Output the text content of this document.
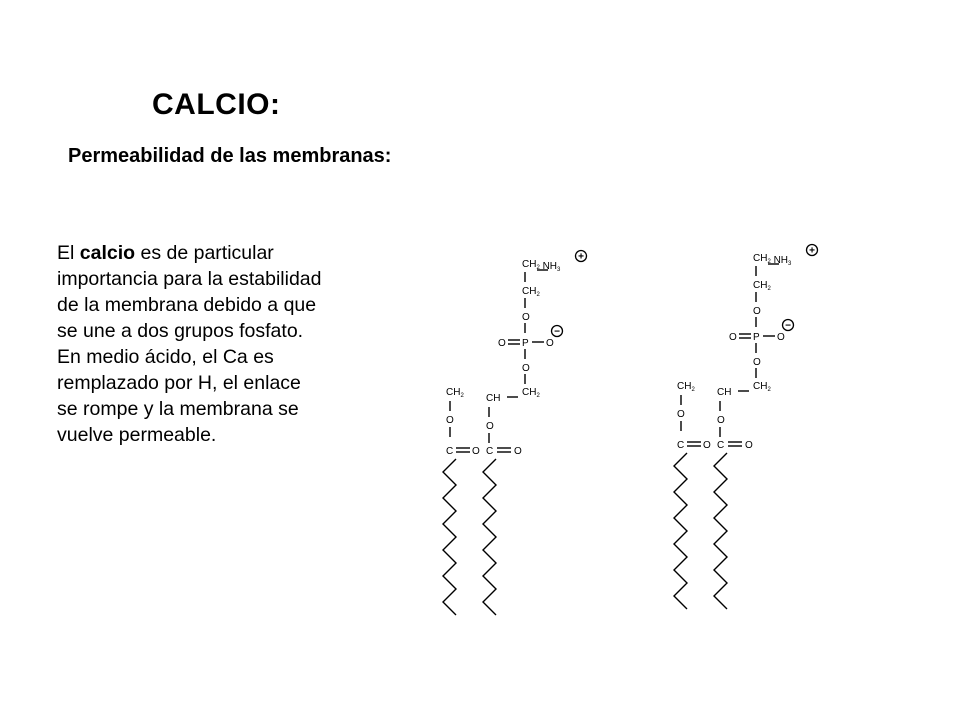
CALCIO:
Permeabilidad de las membranas:
El calcio es de particular importancia para la estabilidad de la membrana debido a que se une a dos grupos fosfato. En medio ácido, el Ca es remplazado por H, el enlace se rompe y la membrana se vuelve permeable.
CH2 NH3
+
CH2
O
O P O
−
O
CH2 CH
CH2
O
O
C O C O
CH2 NH3
+
CH2
O
O P O
−
O
CH2 CH
CH2
O
O
C O C O
